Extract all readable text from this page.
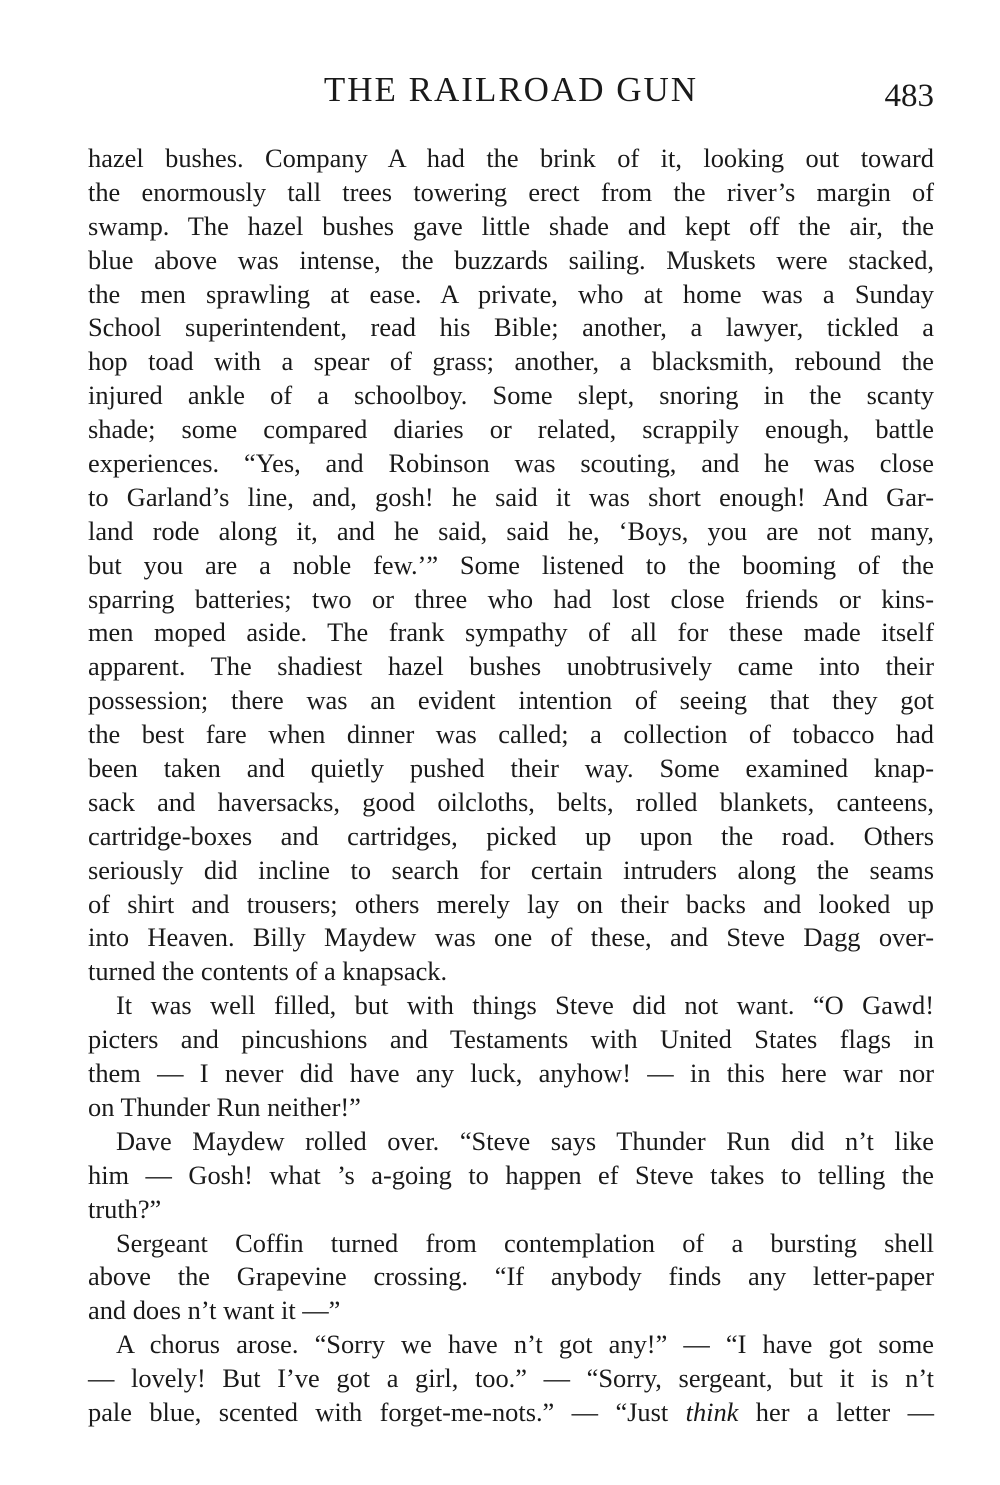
THE RAILROAD GUN	483
hazel bushes. Company A had the brink of it, looking out toward
the enormously tall trees towering erect from the river’s margin of
swamp. The hazel bushes gave little shade and kept off the air, the
blue above was intense, the buzzards sailing. Muskets were stacked,
the men sprawling at ease. A private, who at home was a Sunday
School superintendent, read his Bible; another, a lawyer, tickled a
hop toad with a spear of grass; another, a blacksmith, rebound the
injured ankle of a schoolboy. Some slept, snoring in the scanty
shade; some compared diaries or related, scrappily enough, battle
experiences. “Yes, and Robinson was scouting, and he was close
to Garland’s line, and, gosh! he said it was short enough! And Gar-
land rode along it, and he said, said he, ‘Boys, you are not many,
but you are a noble few.’” Some listened to the booming of the
sparring batteries; two or three who had lost close friends or kins-
men moped aside. The frank sympathy of all for these made itself
apparent. The shadiest hazel bushes unobtrusively came into their
possession; there was an evident intention of seeing that they got
the best fare when dinner was called; a collection of tobacco had
been taken and quietly pushed their way. Some examined knap-
sack and haversacks, good oilcloths, belts, rolled blankets, canteens,
cartridge-boxes and cartridges, picked up upon the road. Others
seriously did incline to search for certain intruders along the seams
of shirt and trousers; others merely lay on their backs and looked up
into Heaven. Billy Maydew was one of these, and Steve Dagg over-
turned the contents of a knapsack.
It was well filled, but with things Steve did not want. “O Gawd!
picters and pincushions and Testaments with United States flags in
them — I never did have any luck, anyhow! — in this here war nor
on Thunder Run neither!”
Dave Maydew rolled over. “Steve says Thunder Run did n’t like
him — Gosh! what ’s a-going to happen ef Steve takes to telling the
truth?”
Sergeant Coffin turned from contemplation of a bursting shell
above the Grapevine crossing. “If anybody finds any letter-paper
and does n’t want it —”
A chorus arose. “Sorry we have n’t got any!” — “I have got some
— lovely! But I’ve got a girl, too.” — “Sorry, sergeant, but it is n’t
pale blue, scented with forget-me-nots.” — “Just think her a letter —
